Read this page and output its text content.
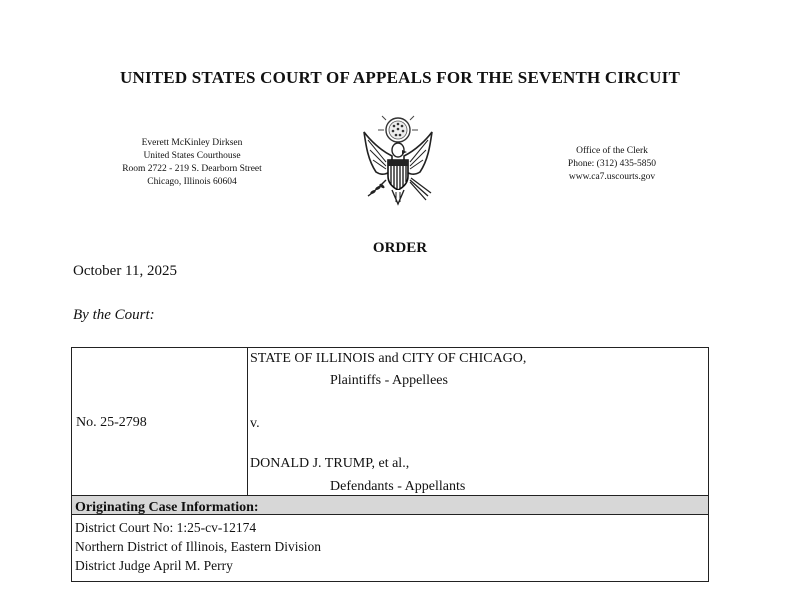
UNITED STATES COURT OF APPEALS FOR THE SEVENTH CIRCUIT
Everett McKinley Dirksen
United States Courthouse
Room 2722 - 219 S. Dearborn Street
Chicago, Illinois 60604
Office of the Clerk
Phone: (312) 435-5850
www.ca7.uscourts.gov
ORDER
October 11, 2025
By the Court:
No. 25-2798
STATE OF ILLINOIS and CITY OF CHICAGO,
Plaintiffs - Appellees
v.
DONALD J. TRUMP, et al.,
Defendants - Appellants
Originating Case Information:
District Court No: 1:25-cv-12174
Northern District of Illinois, Eastern Division
District Judge April M. Perry
